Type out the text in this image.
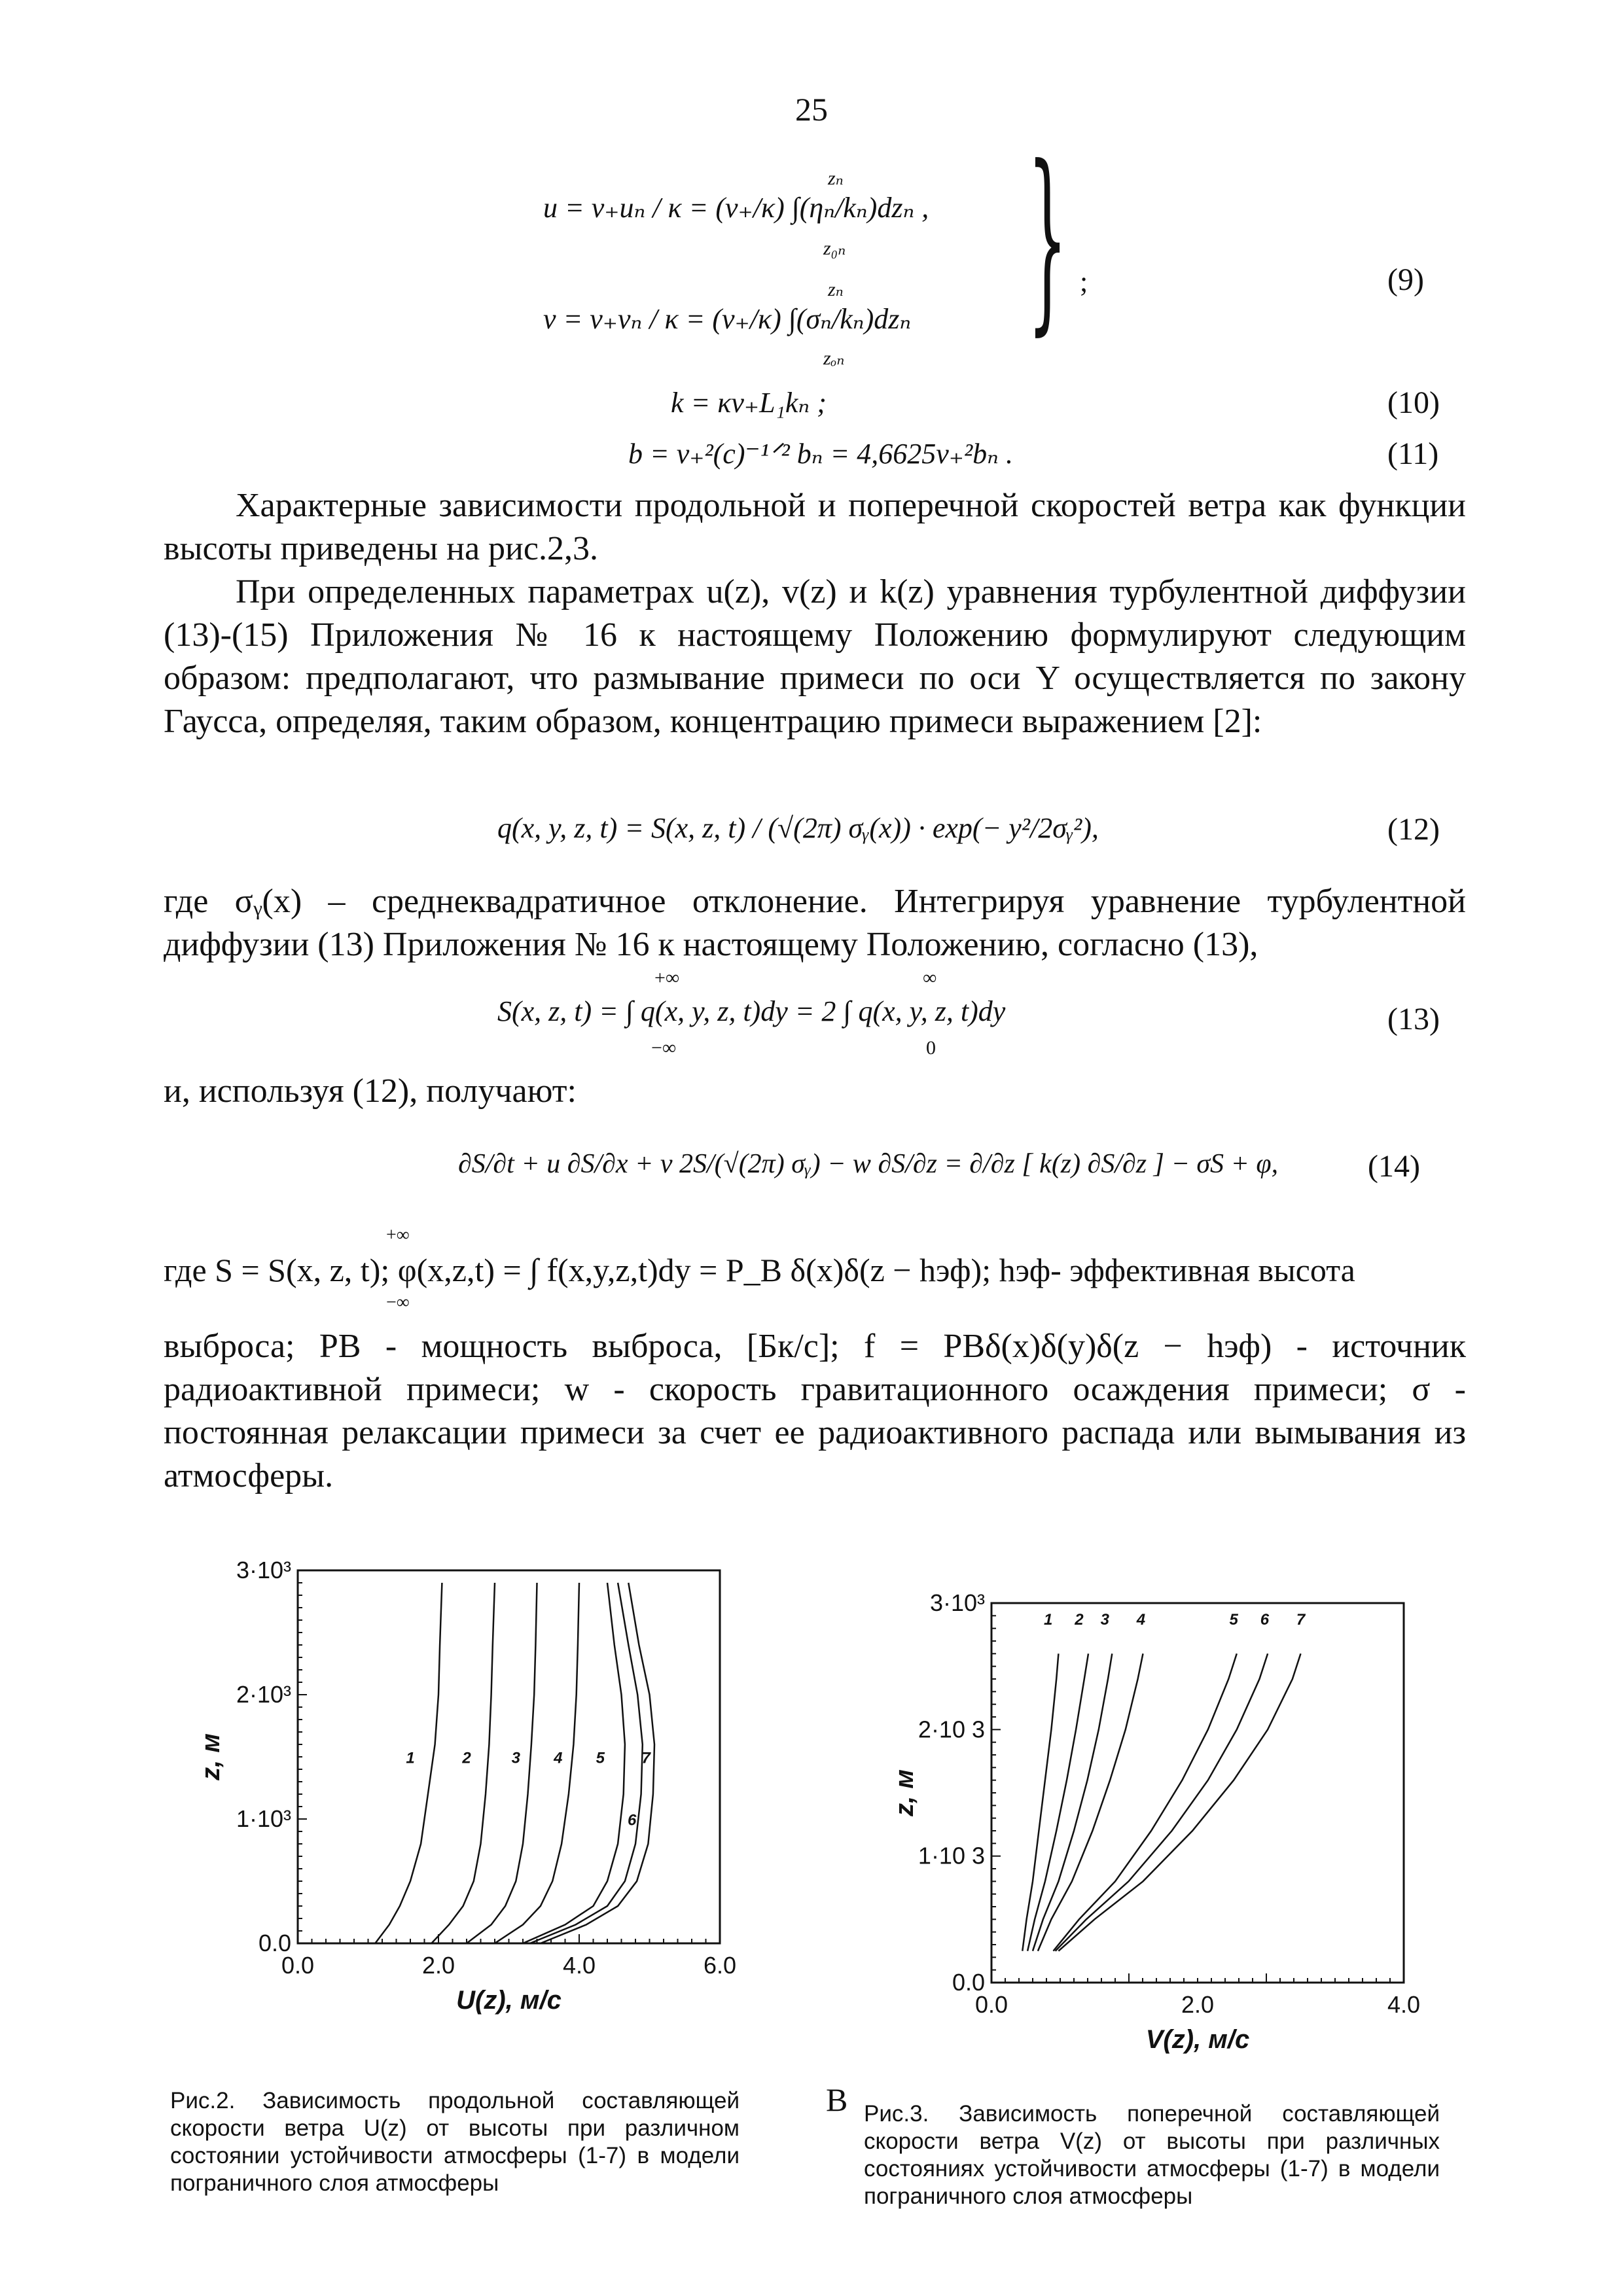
25
zₙ
u = v₊uₙ / κ = (v₊/κ) ∫(ηₙ/kₙ)dzₙ ,
z₀ₙ
zₙ
v = v₊vₙ / κ = (v₊/κ) ∫(σₙ/kₙ)dzₙ
zₒₙ
} ;	(9)
k = κv₊L₁kₙ ;	(10)
b = v₊²(c)⁻¹ᐟ² bₙ = 4,6625v₊²bₙ .	(11)
Характерные зависимости продольной и поперечной скоростей ветра как функции высоты приведены на рис.2,3.
При определенных параметрах u(z), v(z) и k(z) уравнения турбулентной диффузии (13)-(15) Приложения № 16 к настоящему Положению формулируют следующим образом: предполагают, что размывание примеси по оси Y осуществляется по закону Гаусса, определяя, таким образом, концентрацию примеси выражением [2]:
q(x, y, z, t) = S(x, z, t) / (√(2π) σᵧ(x)) · exp(− y²/2σᵧ²),	(12)
где σᵧ(x) – среднеквадратичное отклонение. Интегрируя уравнение турбулентной диффузии (13) Приложения № 16 к настоящему Положению, согласно (13),
+∞	∞
S(x, z, t) = ∫ q(x, y, z, t)dy = 2 ∫ q(x, y, z, t)dy
−∞	0
(13)
и, используя (12), получают:
∂S/∂t + u ∂S/∂x + v 2S/(√(2π) σᵧ) − w ∂S/∂z = ∂/∂z [ k(z) ∂S/∂z ] − σS + φ,	(14)
+∞
где S = S(x, z, t); φ(x,z,t) = ∫ f(x,y,z,t)dy = P_B δ(x)δ(z − hэф); hэф- эффективная высота
−∞
выброса; PB - мощность выброса, [Бк/с]; f = PBδ(x)δ(y)δ(z − hэф) - источник радиоактивной примеси; w - скорость гравитационного осаждения примеси; σ - постоянная релаксации примеси за счет ее радиоактивного распада или вымывания из атмосферы.
0.0	2.0	4.0	6.0
0.0
1·10³
2·10³
3·10³
U(z), м/с
z, м	1	2	3 4 5
6
7
Рис.2. Зависимость продольной составляющей скорости ветра U(z) от высоты при различном состоянии устойчивости атмосферы (1-7) в модели пограничного слоя атмосферы
0.0	2.0	4.0
0.0
1·10 3
2·10 3
3·10³
V(z), м/с
z, м
1 2 3 4	5 6 7
В Рис.3. Зависимость поперечной составляющей скорости ветра V(z) от высоты при различных состояниях устойчивости атмосферы (1-7) в модели пограничного слоя атмосферы
